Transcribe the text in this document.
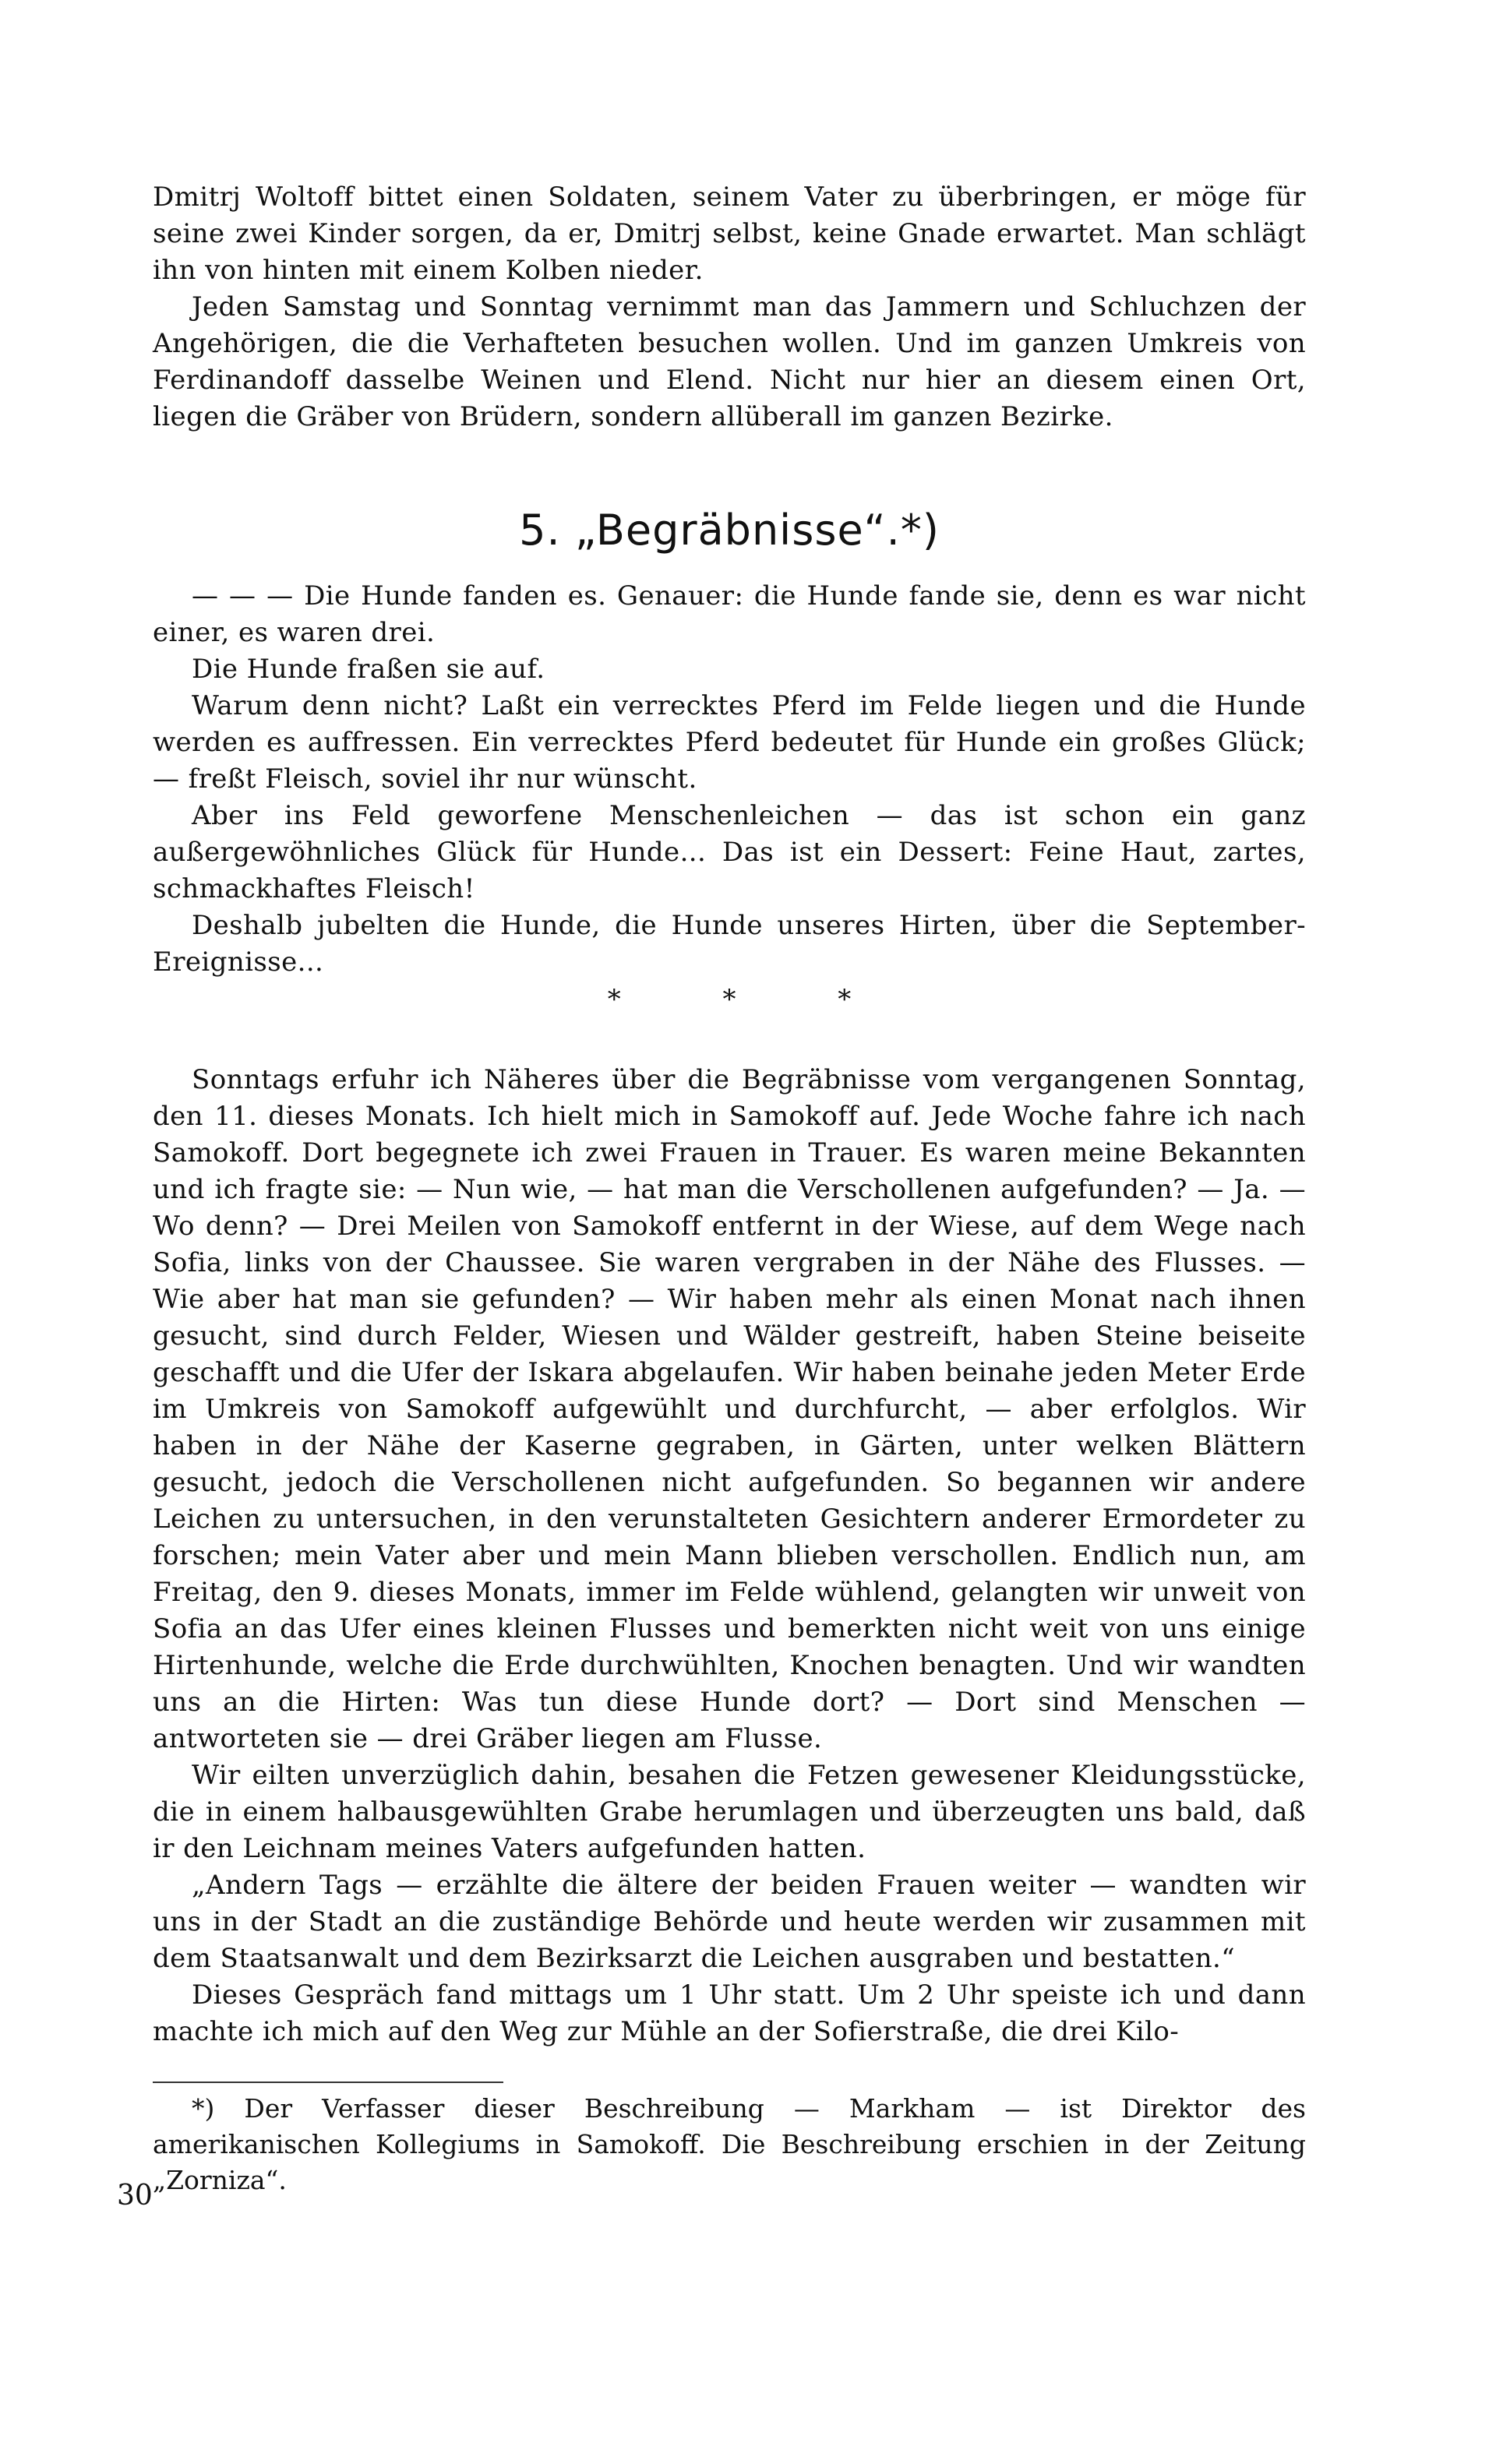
Dmitrj Woltoff bittet einen Soldaten, seinem Vater zu überbringen, er möge für seine zwei Kinder sorgen, da er, Dmitrj selbst, keine Gnade erwartet. Man schlägt ihn von hinten mit einem Kolben nieder.

Jeden Samstag und Sonntag vernimmt man das Jammern und Schluchzen der Angehörigen, die die Verhafteten besuchen wollen. Und im ganzen Umkreis von Ferdinandoff dasselbe Weinen und Elend. Nicht nur hier an diesem einen Ort, liegen die Gräber von Brüdern, sondern allüberall im ganzen Bezirke.

5. „Begräbnisse“.*)

— — — Die Hunde fanden es. Genauer: die Hunde fande sie, denn es war nicht einer, es waren drei.

Die Hunde fraßen sie auf.

Warum denn nicht? Laßt ein verrecktes Pferd im Felde liegen und die Hunde werden es auffressen. Ein verrecktes Pferd bedeutet für Hunde ein großes Glück; — freßt Fleisch, soviel ihr nur wünscht.

Aber ins Feld geworfene Menschenleichen — das ist schon ein ganz außergewöhnliches Glück für Hunde... Das ist ein Dessert: Feine Haut, zartes, schmackhaftes Fleisch!

Deshalb jubelten die Hunde, die Hunde unseres Hirten, über die September-Ereignisse...

* * *

Sonntags erfuhr ich Näheres über die Begräbnisse vom vergangenen Sonntag, den 11. dieses Monats. Ich hielt mich in Samokoff auf. Jede Woche fahre ich nach Samokoff. Dort begegnete ich zwei Frauen in Trauer. Es waren meine Bekannten und ich fragte sie: — Nun wie, — hat man die Verschollenen aufgefunden? — Ja. — Wo denn? — Drei Meilen von Samokoff entfernt in der Wiese, auf dem Wege nach Sofia, links von der Chaussee. Sie waren vergraben in der Nähe des Flusses. — Wie aber hat man sie gefunden? — Wir haben mehr als einen Monat nach ihnen gesucht, sind durch Felder, Wiesen und Wälder gestreift, haben Steine beiseite geschafft und die Ufer der Iskara abgelaufen. Wir haben beinahe jeden Meter Erde im Umkreis von Samokoff aufgewühlt und durchfurcht, — aber erfolglos. Wir haben in der Nähe der Kaserne gegraben, in Gärten, unter welken Blättern gesucht, jedoch die Verschollenen nicht aufgefunden. So begannen wir andere Leichen zu untersuchen, in den verunstalteten Gesichtern anderer Ermordeter zu forschen; mein Vater aber und mein Mann blieben verschollen. Endlich nun, am Freitag, den 9. dieses Monats, immer im Felde wühlend, gelangten wir unweit von Sofia an das Ufer eines kleinen Flusses und bemerkten nicht weit von uns einige Hirtenhunde, welche die Erde durchwühlten, Knochen benagten. Und wir wandten uns an die Hirten: Was tun diese Hunde dort? — Dort sind Menschen — antworteten sie — drei Gräber liegen am Flusse.

Wir eilten unverzüglich dahin, besahen die Fetzen gewesener Kleidungsstücke, die in einem halbausgewühlten Grabe herumlagen und überzeugten uns bald, daß ir den Leichnam meines Vaters aufgefunden hatten.

„Andern Tags — erzählte die ältere der beiden Frauen weiter — wandten wir uns in der Stadt an die zuständige Behörde und heute werden wir zusammen mit dem Staatsanwalt und dem Bezirksarzt die Leichen ausgraben und bestatten.“

Dieses Gespräch fand mittags um 1 Uhr statt. Um 2 Uhr speiste ich und dann machte ich mich auf den Weg zur Mühle an der Sofierstraße, die drei Kilo-

*) Der Verfasser dieser Beschreibung — Markham — ist Direktor des amerikanischen Kollegiums in Samokoff. Die Beschreibung erschien in der Zeitung „Zorniza“.

30
